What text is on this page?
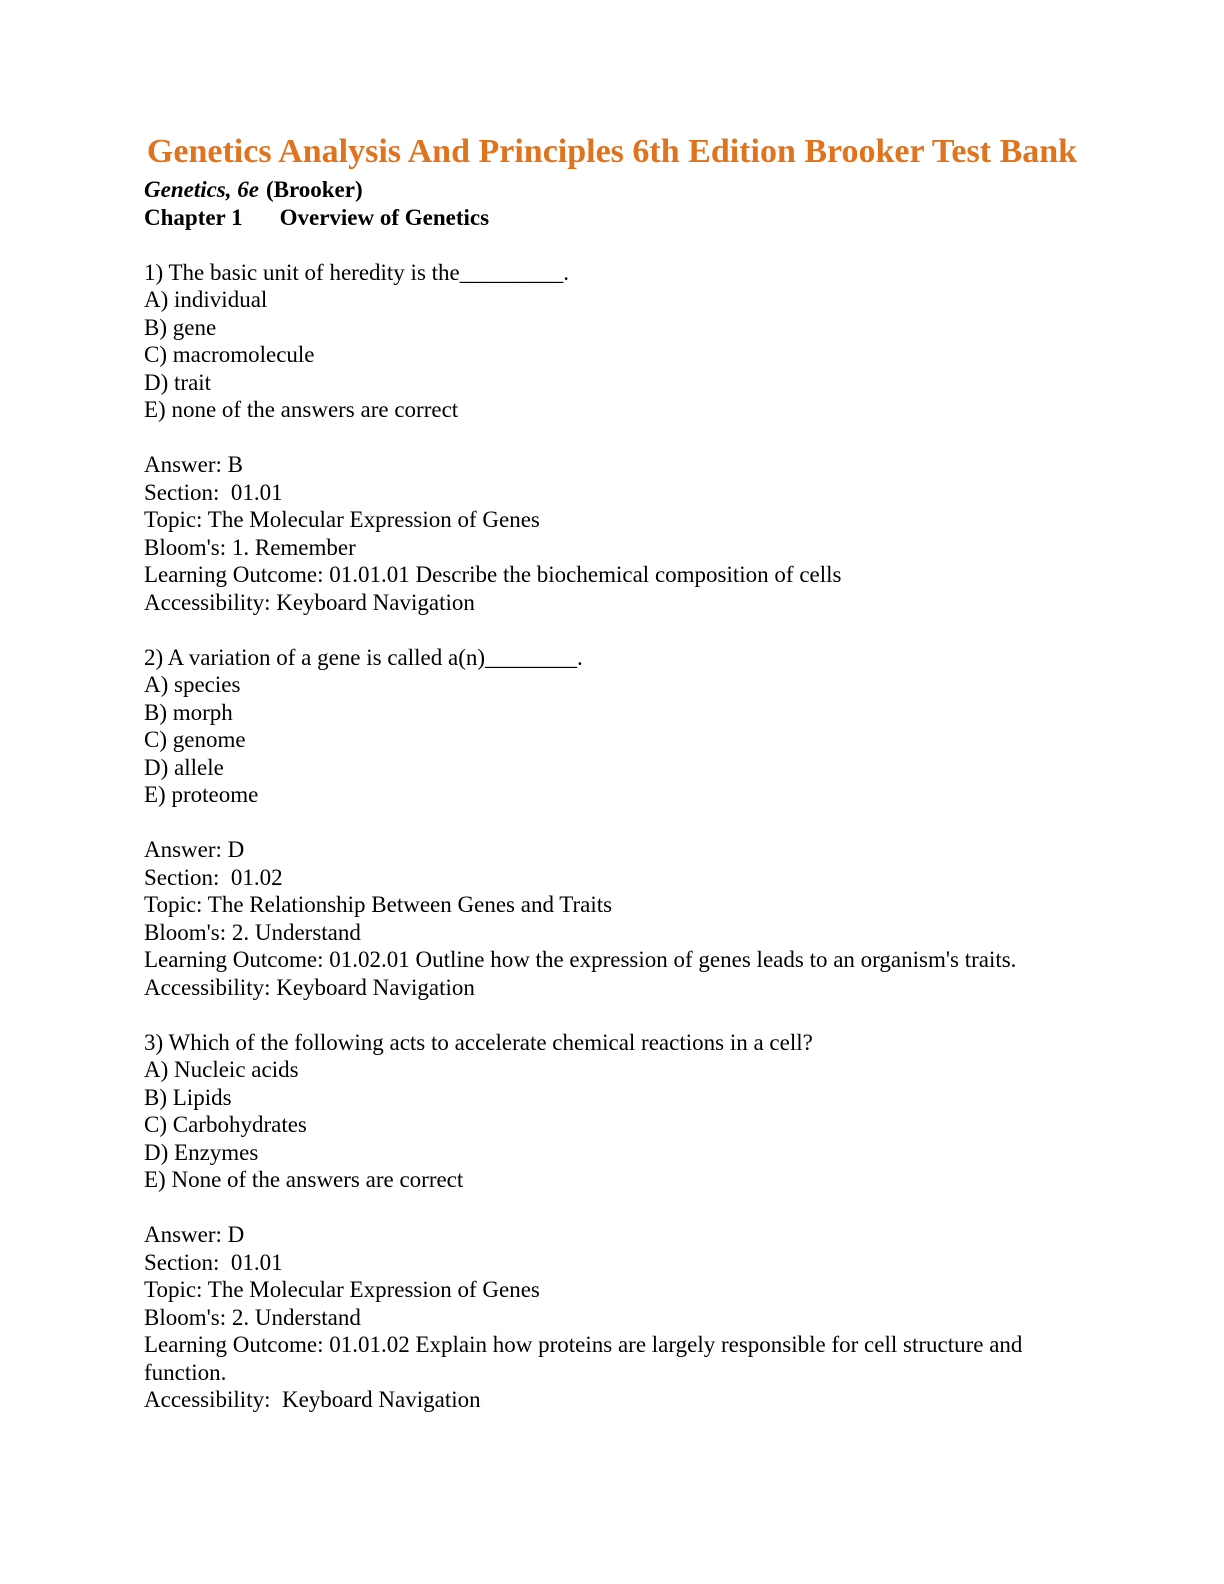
Genetics Analysis And Principles 6th Edition Brooker Test Bank
Genetics, 6e (Brooker)
Chapter 1 Overview of Genetics
1) The basic unit of heredity is the_________.
A) individual
B) gene
C) macromolecule
D) trait
E) none of the answers are correct
Answer: B
Section:  01.01
Topic: The Molecular Expression of Genes
Bloom's: 1. Remember
Learning Outcome: 01.01.01 Describe the biochemical composition of cells
Accessibility: Keyboard Navigation
2) A variation of a gene is called a(n)________.
A) species
B) morph
C) genome
D) allele
E) proteome
Answer: D
Section:  01.02
Topic: The Relationship Between Genes and Traits
Bloom's: 2. Understand
Learning Outcome: 01.02.01 Outline how the expression of genes leads to an organism's traits.
Accessibility: Keyboard Navigation
3) Which of the following acts to accelerate chemical reactions in a cell?
A) Nucleic acids
B) Lipids
C) Carbohydrates
D) Enzymes
E) None of the answers are correct
Answer: D
Section:  01.01
Topic: The Molecular Expression of Genes
Bloom's: 2. Understand
Learning Outcome: 01.01.02 Explain how proteins are largely responsible for cell structure and function.
Accessibility:  Keyboard Navigation
